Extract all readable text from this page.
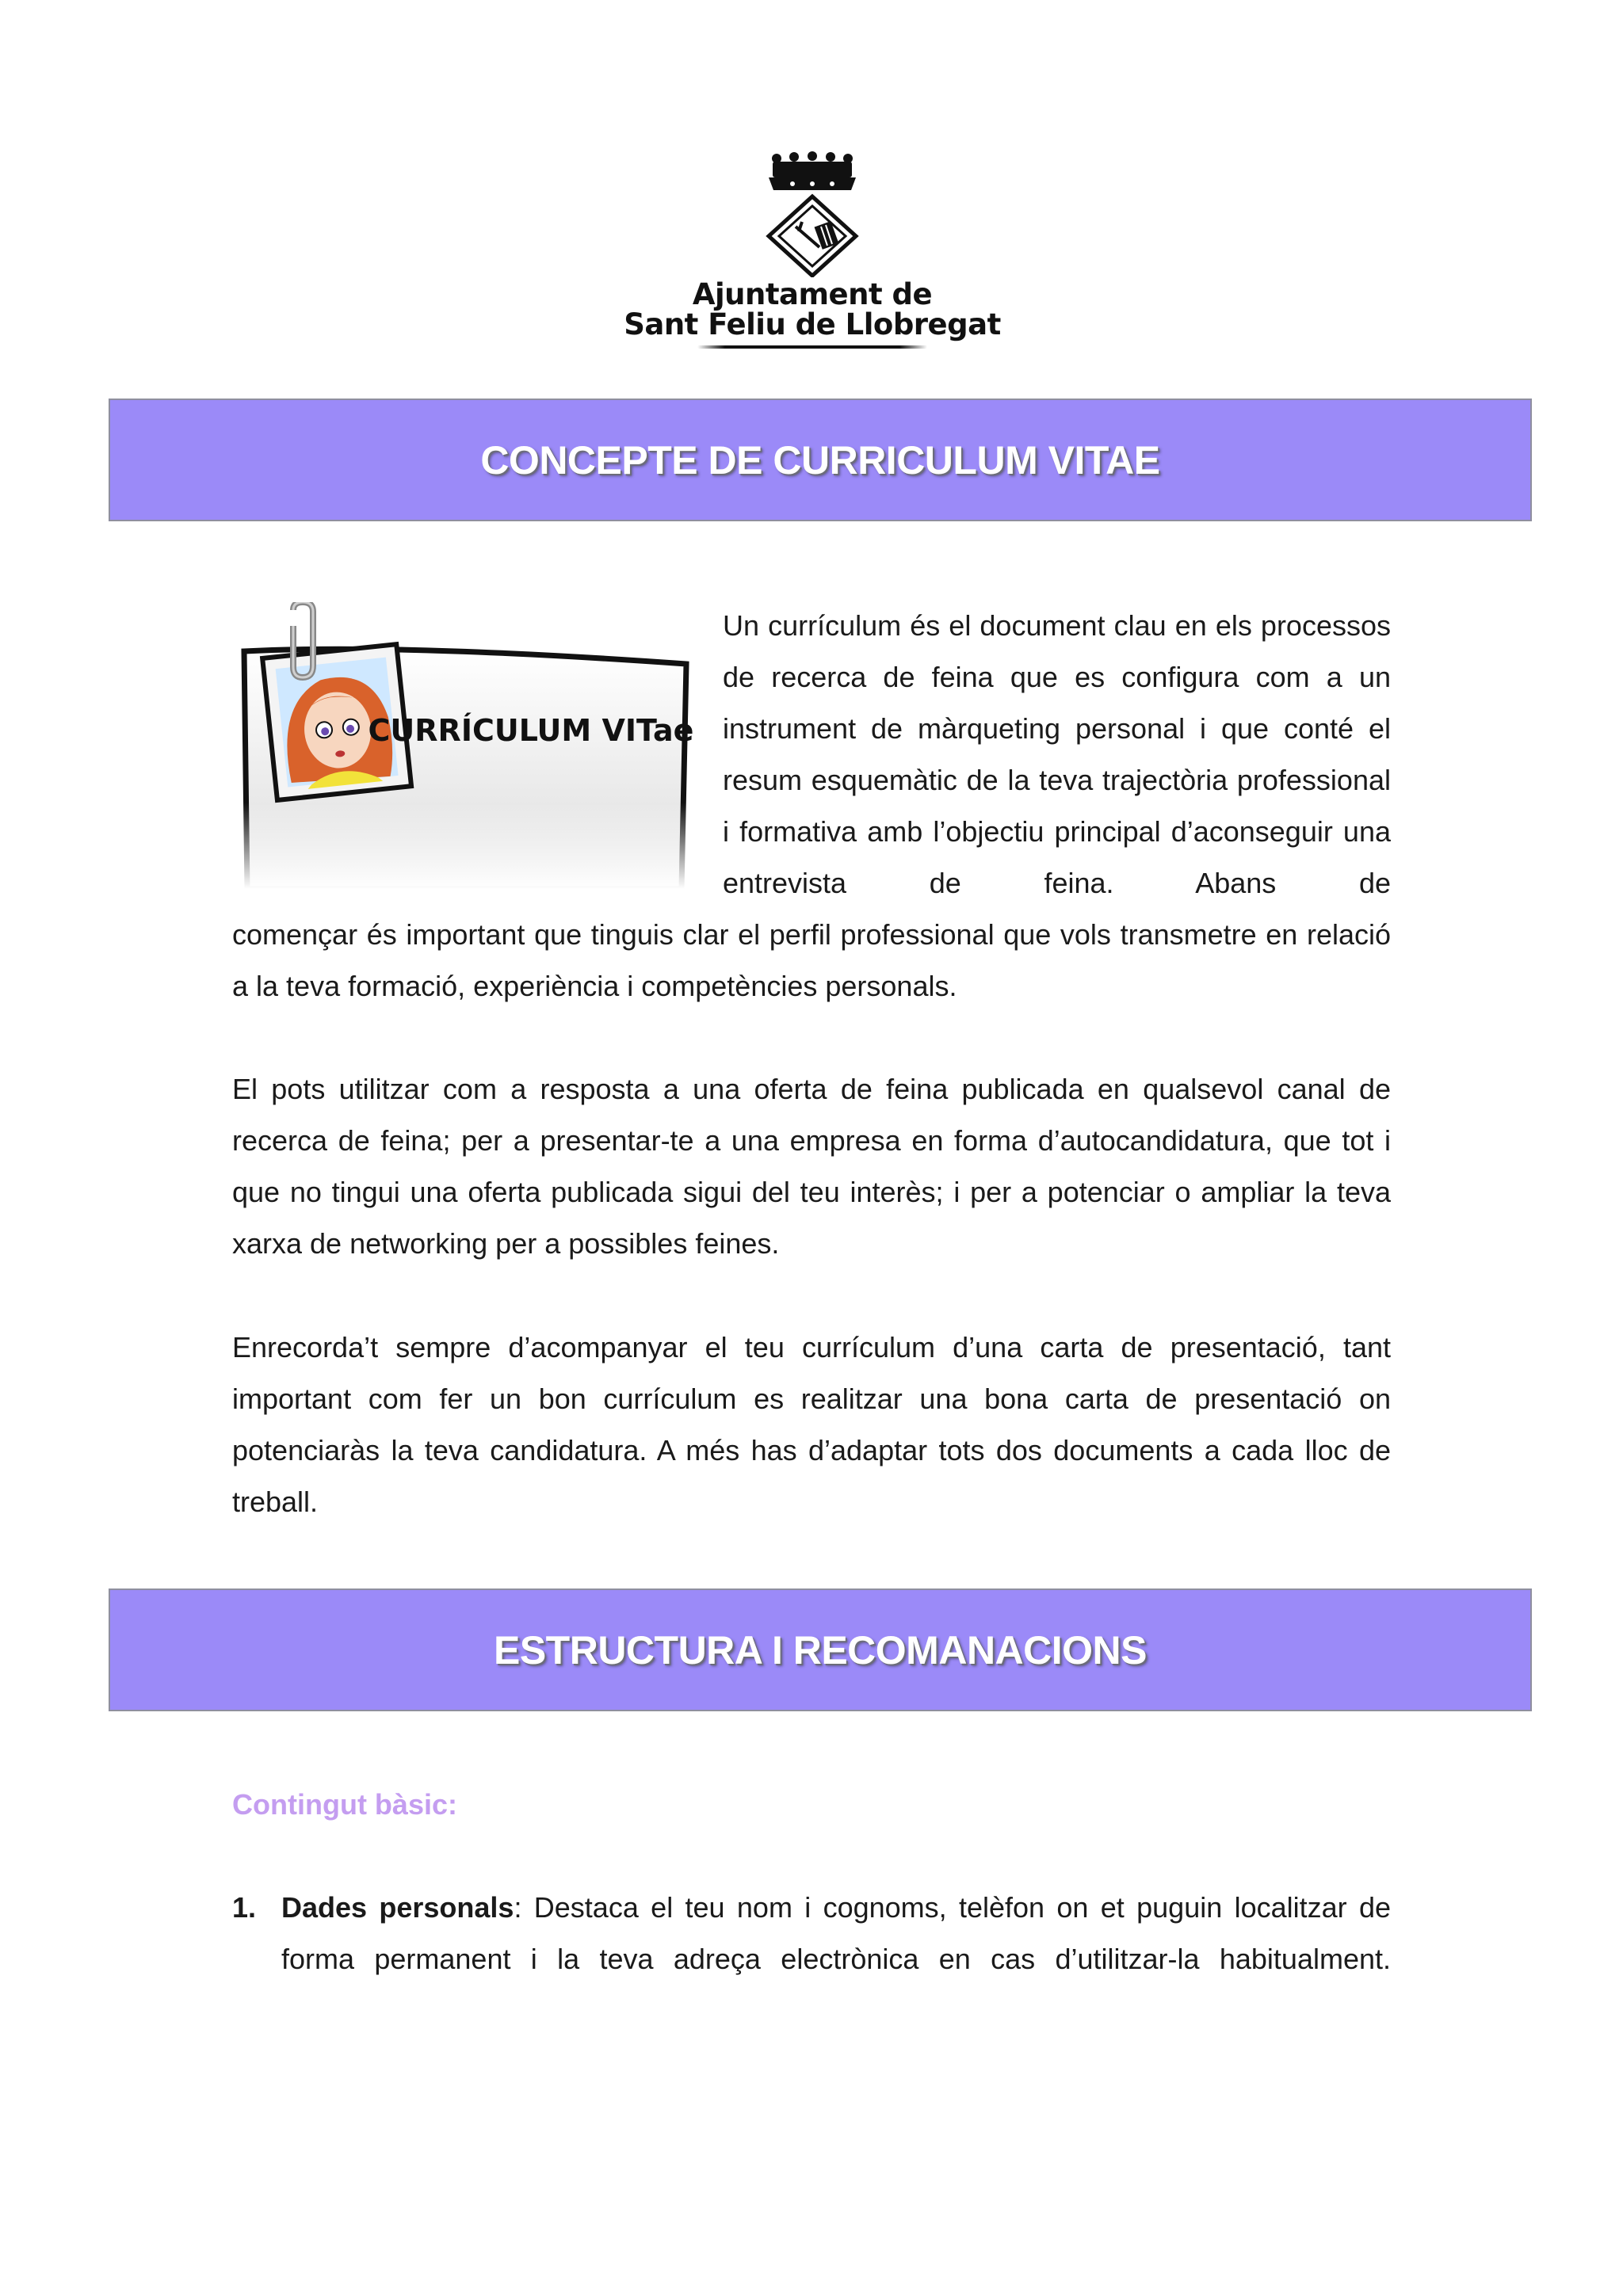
Ajuntament de
Sant Feliu de Llobregat
CONCEPTE DE CURRICULUM VITAE
Un currículum és el document clau en els processos de recerca de feina que es configura com a un instrument de màrqueting personal i que conté el resum esquemàtic de la teva trajectòria professional i formativa amb l’objectiu principal d’aconseguir una entrevista de feina. Abans de
començar és important que tinguis clar el perfil professional que vols transmetre en relació a la teva formació, experiència i competències personals.
El pots utilitzar com a resposta a una oferta de feina publicada en qualsevol canal de recerca de feina; per a presentar-te a una empresa en forma d’autocandidatura, que tot i que no tingui una oferta publicada sigui del teu interès; i per a potenciar o ampliar la teva xarxa de networking per a possibles feines.
Enrecorda’t sempre d’acompanyar el teu currículum d’una carta de presentació, tant important com fer un bon currículum es realitzar una bona carta de presentació on potenciaràs la teva candidatura. A més has d’adaptar tots dos documents a cada lloc de treball.
ESTRUCTURA I RECOMANACIONS
Contingut bàsic:
1. Dades personals: Destaca el teu nom i cognoms, telèfon on et puguin localitzar de forma permanent i la teva adreça electrònica en cas d’utilitzar-la habitualment.
